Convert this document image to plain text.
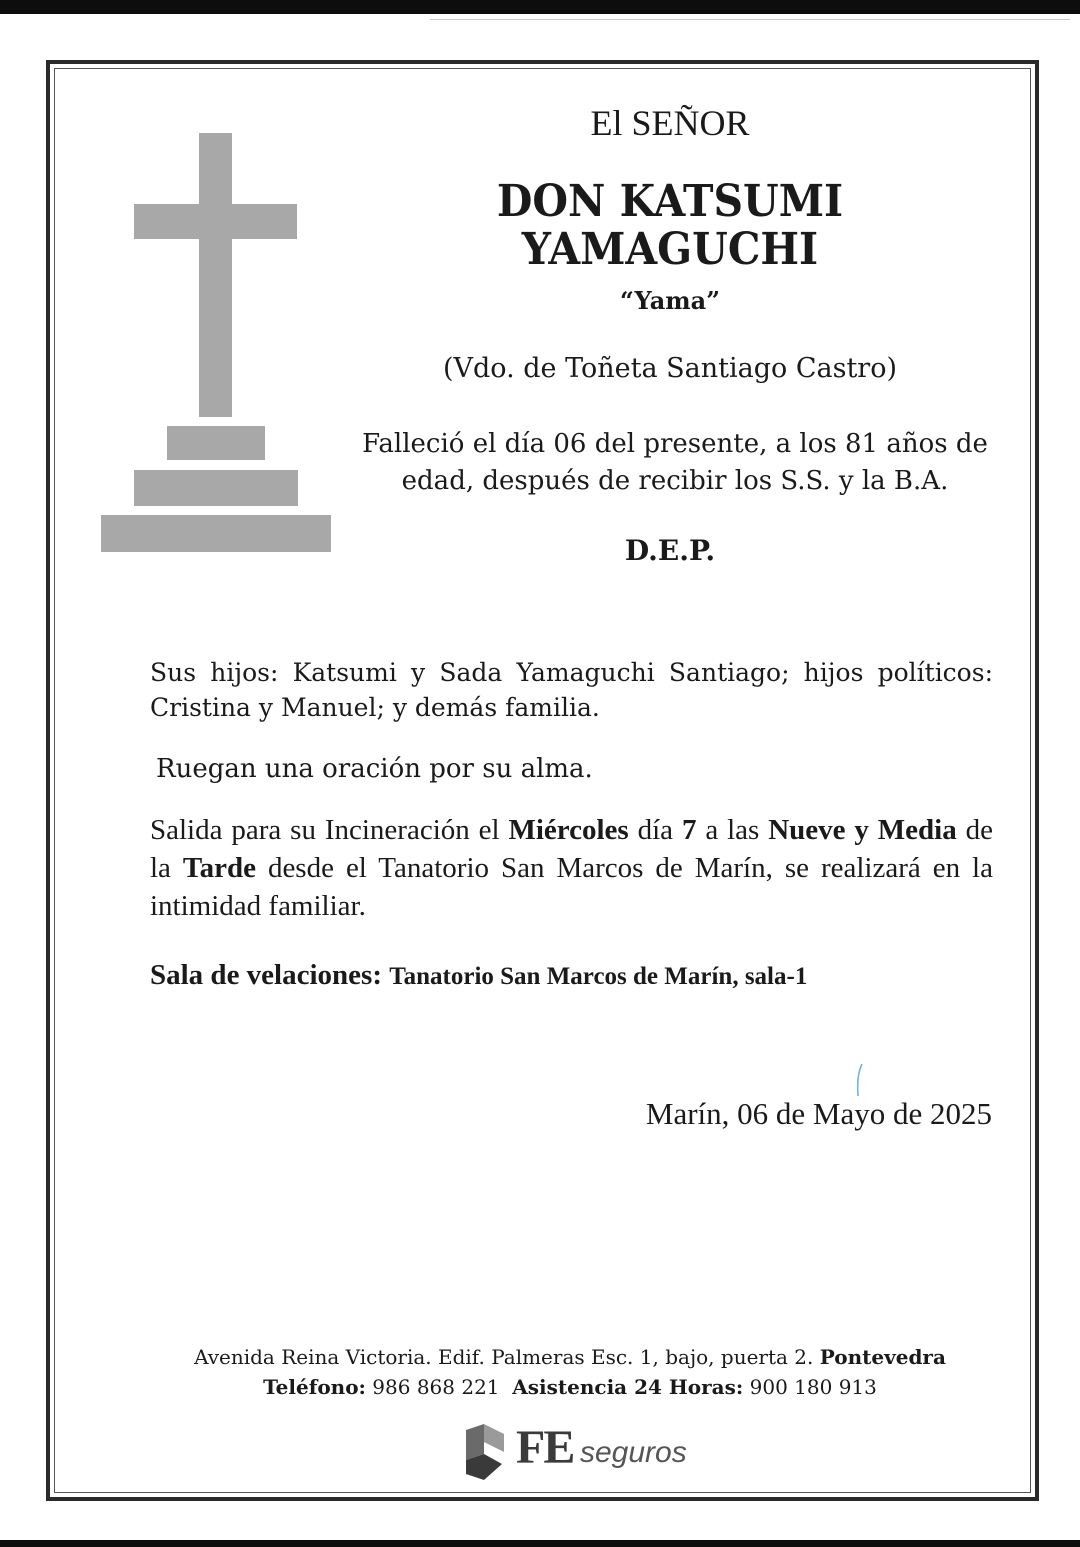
El SEÑOR
DON KATSUMI
YAMAGUCHI
“Yama”
(Vdo. de Toñeta Santiago Castro)
Falleció el día 06 del presente, a los 81 años de
edad, después de recibir los S.S. y la B.A.
D.E.P.
Sus hijos: Katsumi y Sada Yamaguchi Santiago; hijos políticos: Cristina y Manuel; y demás familia.
Ruegan una oración por su alma.
Salida para su Incineración el Miércoles día 7 a las Nueve y Media de la Tarde desde el Tanatorio San Marcos de Marín, se realizará en la intimidad familiar.
Sala de velaciones: Tanatorio San Marcos de Marín, sala-1
Marín, 06 de Mayo de 2025
Avenida Reina Victoria. Edif. Palmeras Esc. 1, bajo, puerta 2. Pontevedra
Teléfono: 986 868 221 Asistencia 24 Horas: 900 180 913
FE seguros
